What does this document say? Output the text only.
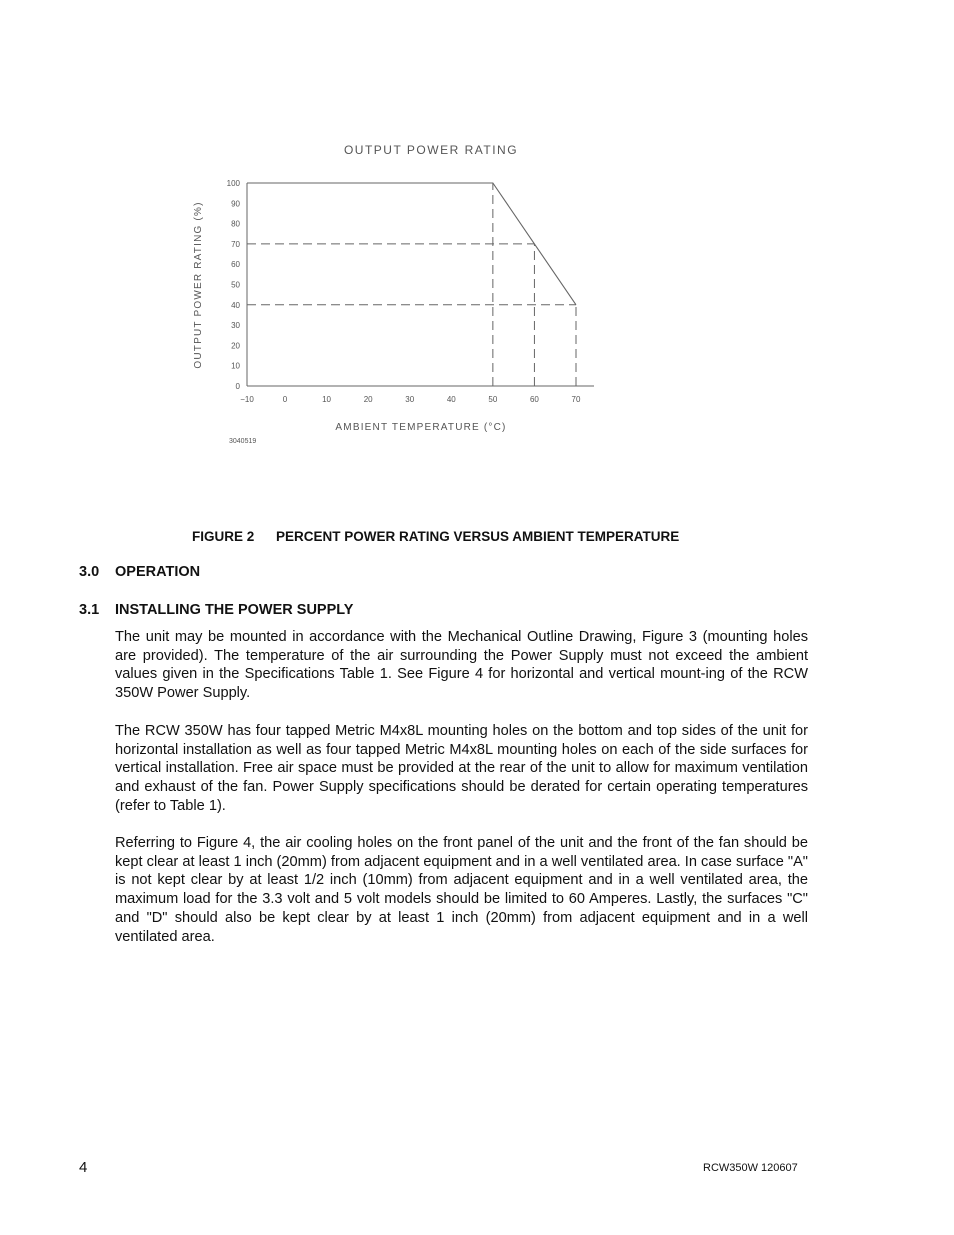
OUTPUT POWER RATING
OUTPUT POWER RATING (%)
AMBIENT TEMPERATURE (°C)
3040519
0
10
20
30
40
50
60
70
80
90
100
−10	0	10	20	30	40	50	60	70
FIGURE 2 PERCENT POWER RATING VERSUS AMBIENT TEMPERATURE
3.0 OPERATION
3.1 INSTALLING THE POWER SUPPLY

The unit may be mounted in accordance with the Mechanical Outline Drawing, Figure 3 (mounting holes are provided). The temperature of the air surrounding the Power Supply must not exceed the ambient values given in the Specifications Table 1. See Figure 4 for horizontal and vertical mount-ing of the RCW 350W Power Supply.

The RCW 350W has four tapped Metric M4x8L mounting holes on the bottom and top sides of the unit for horizontal installation as well as four tapped Metric M4x8L mounting holes on each of the side surfaces for vertical installation. Free air space must be provided at the rear of the unit to allow for maximum ventilation and exhaust of the fan. Power Supply specifications should be derated for certain operating temperatures (refer to Table 1).

Referring to Figure 4, the air cooling holes on the front panel of the unit and the front of the fan should be kept clear at least 1 inch (20mm) from adjacent equipment and in a well ventilated area. In case surface "A" is not kept clear by at least 1/2 inch (10mm) from adjacent equipment and in a well ventilated area, the maximum load for the 3.3 volt and 5 volt models should be limited to 60 Amperes. Lastly, the surfaces "C" and "D" should also be kept clear by at least 1 inch (20mm) from adjacent equipment and in a well ventilated area.

4	RCW350W 120607
